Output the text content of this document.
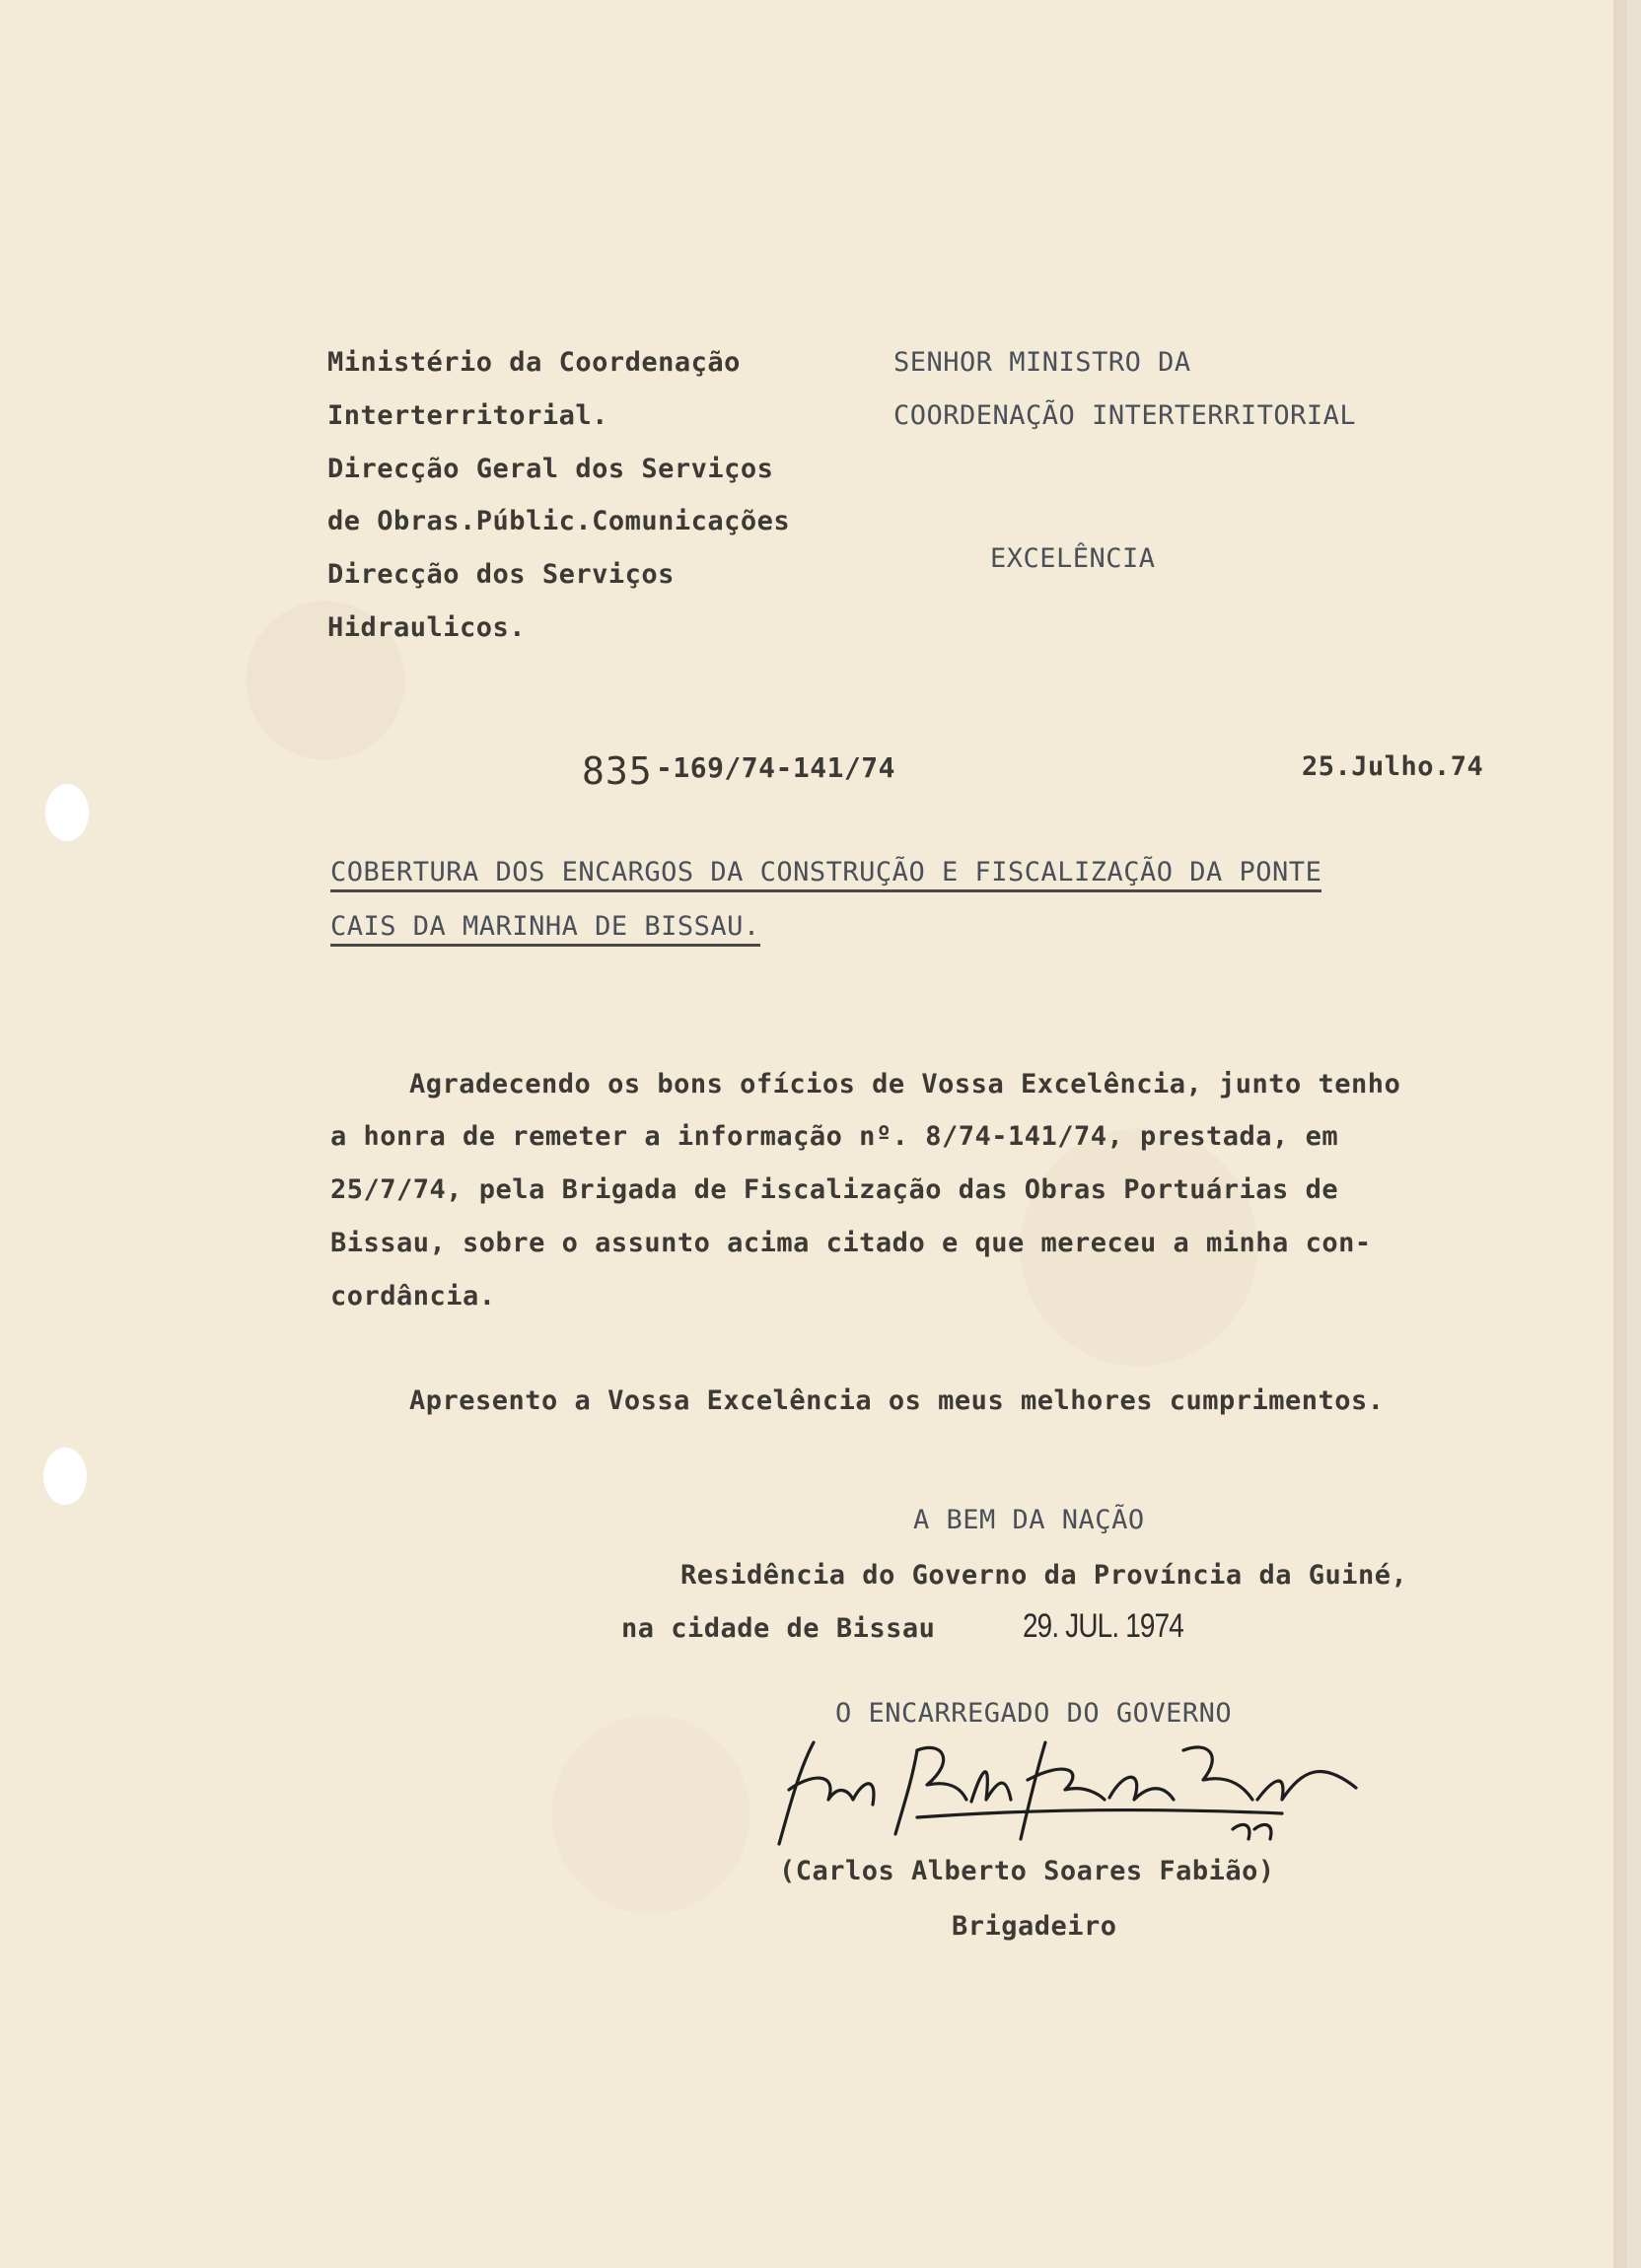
Ministério da Coordenação
Interterritorial.
Direcção Geral dos Serviços
de Obras.Públic.Comunicações
Direcção dos Serviços
Hidraulicos.
SENHOR MINISTRO DA
COORDENAÇÃO INTERTERRITORIAL
EXCELÊNCIA
835 -169/74-141/74	25.Julho.74
COBERTURA DOS ENCARGOS DA CONSTRUÇÃO E FISCALIZAÇÃO DA PONTE
CAIS DA MARINHA DE BISSAU.
Agradecendo os bons ofícios de Vossa Excelência, junto tenho
a honra de remeter a informação nº. 8/74-141/74, prestada, em
25/7/74, pela Brigada de Fiscalização das Obras Portuárias de
Bissau, sobre o assunto acima citado e que mereceu a minha con-
cordância.
Apresento a Vossa Excelência os meus melhores cumprimentos.
A BEM DA NAÇÃO
Residência do Governo da Província da Guiné,
na cidade de Bissau	29. JUL. 1974
O ENCARREGADO DO GOVERNO
(Carlos Alberto Soares Fabião)
Brigadeiro
